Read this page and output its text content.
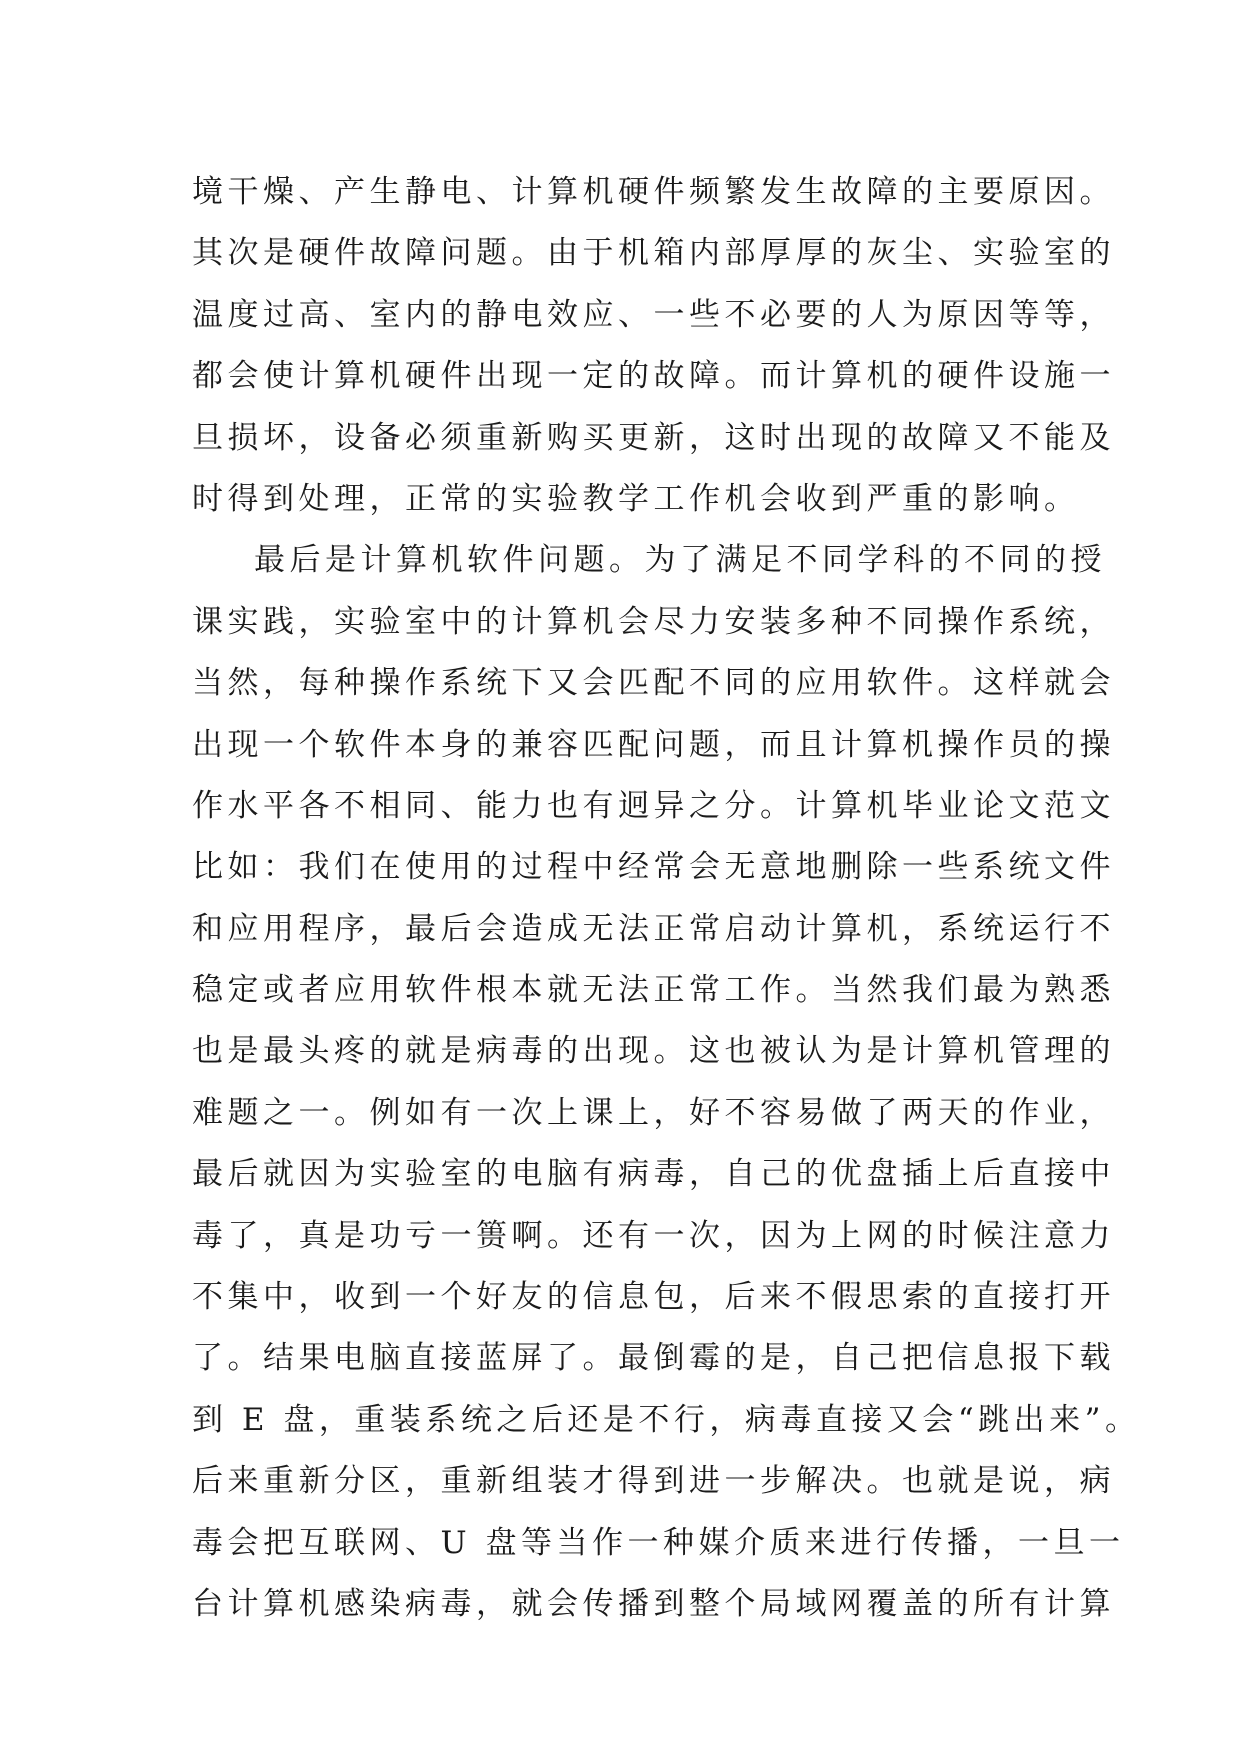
境干燥、产生静电、计算机硬件频繁发生故障的主要原因。
其次是硬件故障问题。由于机箱内部厚厚的灰尘、实验室的
温度过高、室内的静电效应、一些不必要的人为原因等等，
都会使计算机硬件出现一定的故障。而计算机的硬件设施一
旦损坏，设备必须重新购买更新，这时出现的故障又不能及
时得到处理，正常的实验教学工作机会收到严重的影响。
最后是计算机软件问题。为了满足不同学科的不同的授
课实践，实验室中的计算机会尽力安装多种不同操作系统，
当然，每种操作系统下又会匹配不同的应用软件。这样就会
出现一个软件本身的兼容匹配问题，而且计算机操作员的操
作水平各不相同、能力也有迥异之分。计算机毕业论文范文
比如：我们在使用的过程中经常会无意地删除一些系统文件
和应用程序，最后会造成无法正常启动计算机，系统运行不
稳定或者应用软件根本就无法正常工作。当然我们最为熟悉
也是最头疼的就是病毒的出现。这也被认为是计算机管理的
难题之一。例如有一次上课上，好不容易做了两天的作业，
最后就因为实验室的电脑有病毒，自己的优盘插上后直接中
毒了，真是功亏一篑啊。还有一次，因为上网的时候注意力
不集中，收到一个好友的信息包，后来不假思索的直接打开
了。结果电脑直接蓝屏了。最倒霉的是，自己把信息报下载
到 E 盘，重装系统之后还是不行，病毒直接又会“跳出来”。
后来重新分区，重新组装才得到进一步解决。也就是说，病
毒会把互联网、U 盘等当作一种媒介质来进行传播，一旦一
台计算机感染病毒，就会传播到整个局域网覆盖的所有计算
